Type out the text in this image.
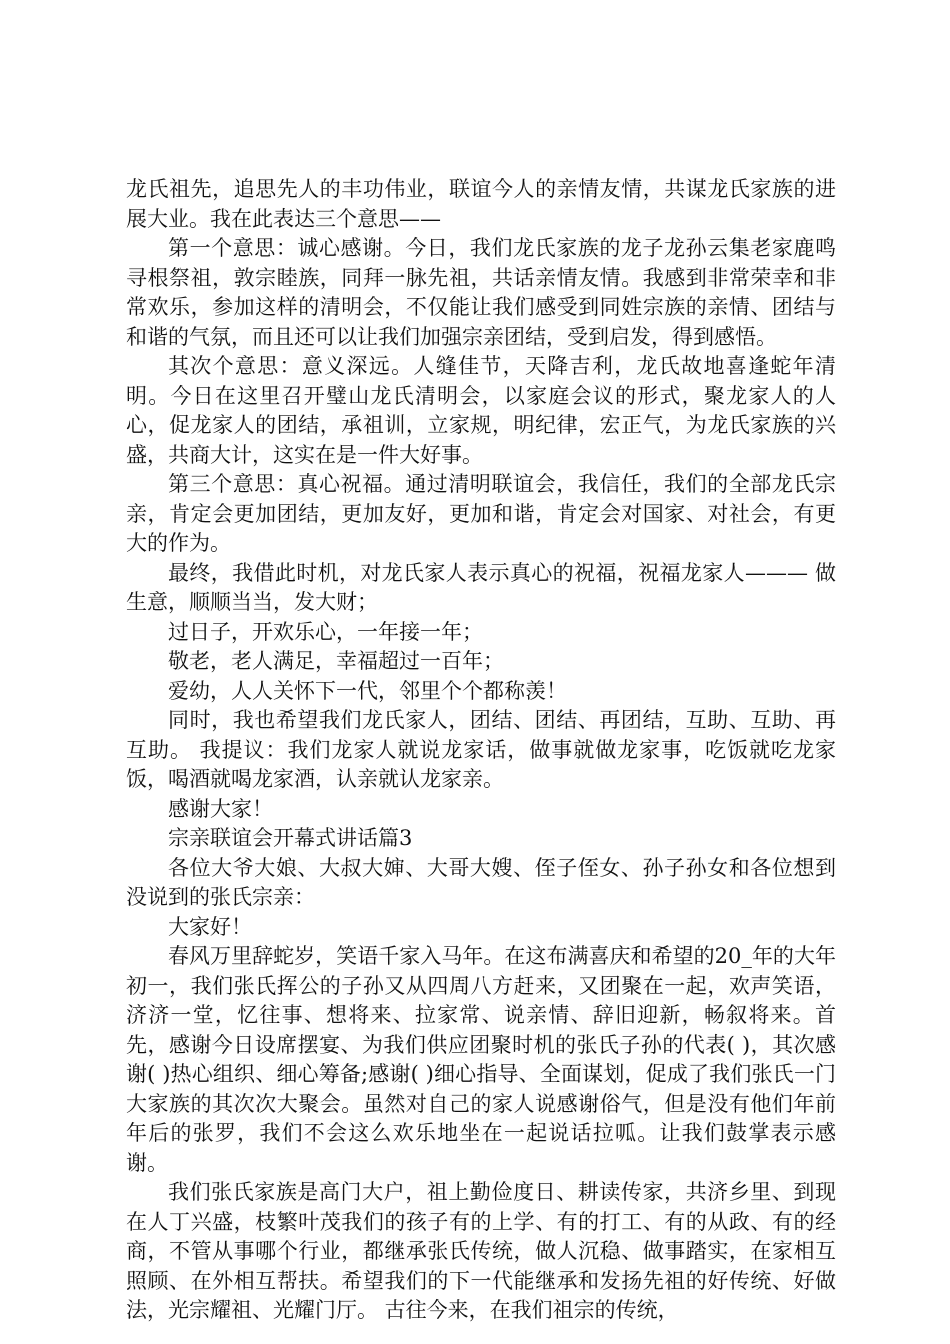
龙氏祖先，追思先人的丰功伟业，联谊今人的亲情友情，共谋龙氏家族的进展大业。我在此表达三个意思——

第一个意思：诚心感谢。今日，我们龙氏家族的龙子龙孙云集老家鹿鸣寻根祭祖，敦宗睦族，同拜一脉先祖，共话亲情友情。我感到非常荣幸和非常欢乐，参加这样的清明会，不仅能让我们感受到同姓宗族的亲情、团结与和谐的气氛，而且还可以让我们加强宗亲团结，受到启发，得到感悟。

其次个意思：意义深远。人缝佳节，天降吉利，龙氏故地喜逢蛇年清明。今日在这里召开璧山龙氏清明会，以家庭会议的形式，聚龙家人的人心，促龙家人的团结，承祖训，立家规，明纪律，宏正气，为龙氏家族的兴盛，共商大计，这实在是一件大好事。

第三个意思：真心祝福。通过清明联谊会，我信任，我们的全部龙氏宗亲，肯定会更加团结，更加友好，更加和谐，肯定会对国家、对社会，有更大的作为。

最终，我借此时机，对龙氏家人表示真心的祝福，祝福龙家人——— 做生意，顺顺当当，发大财；

过日子，开欢乐心，一年接一年；

敬老，老人满足，幸福超过一百年；

爱幼，人人关怀下一代，邻里个个都称羡！

同时，我也希望我们龙氏家人，团结、团结、再团结，互助、互助、再互助。 我提议：我们龙家人就说龙家话，做事就做龙家事，吃饭就吃龙家饭，喝酒就喝龙家酒，认亲就认龙家亲。

感谢大家！

宗亲联谊会开幕式讲话篇3

各位大爷大娘、大叔大婶、大哥大嫂、侄子侄女、孙子孙女和各位想到没说到的张氏宗亲：

大家好！

春风万里辞蛇岁，笑语千家入马年。在这布满喜庆和希望的20_年的大年初一，我们张氏挥公的子孙又从四周八方赶来，又团聚在一起，欢声笑语，济济一堂，忆往事、想将来、拉家常、说亲情、辞旧迎新，畅叙将来。首先，感谢今日设席摆宴、为我们供应团聚时机的张氏子孙的代表( )，其次感谢( )热心组织、细心筹备;感谢( )细心指导、全面谋划，促成了我们张氏一门大家族的其次次大聚会。虽然对自己的家人说感谢俗气，但是没有他们年前年后的张罗，我们不会这么欢乐地坐在一起说话拉呱。让我们鼓掌表示感谢。

我们张氏家族是高门大户，祖上勤俭度日、耕读传家，共济乡里、到现在人丁兴盛，枝繁叶茂我们的孩子有的上学、有的打工、有的从政、有的经商，不管从事哪个行业，都继承张氏传统，做人沉稳、做事踏实，在家相互照顾、在外相互帮扶。希望我们的下一代能继承和发扬先祖的好传统、好做法，光宗耀祖、光耀门厅。 古往今来，在我们祖宗的传统，
